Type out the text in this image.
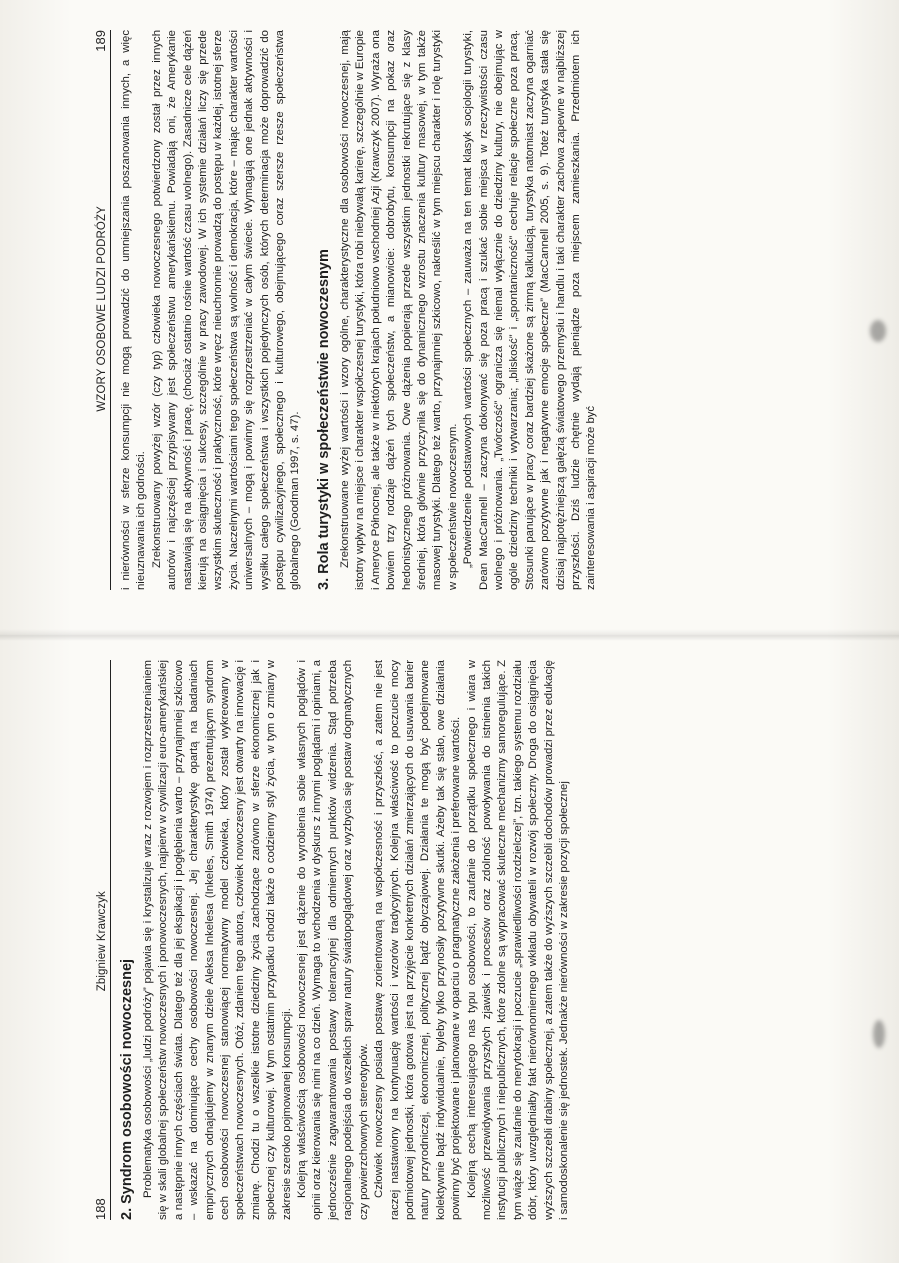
188
Zbigniew Krawczyk
2. Syndrom osobowości nowoczesnej Problematyka osobowości „ludzi podróży” pojawia się i krystalizuje wraz z rozwojem i rozprzestrzenianiem się w skali globalnej społeczeństw nowoczesnych i ponowoczesnych, najpierw w cywilizacji euro-amerykańskiej a następnie innych częściach świata. Dlatego też dla jej ekspikacji i pogłębienia warto – przynajmniej szkicowo – wskazać na dominujące cechy osobowości nowoczesnej. Jej charakterystykę opartą na badaniach empirycznych odnajdujemy w znanym dziele Aleksa Inkelesa (Inkeles, Smith 1974) prezentującym syndrom cech osobowości nowoczesnej stanowiącej normatywny model człowieka, który został wykreowany w społeczeństwach nowoczesnych. Otóż, zdaniem tego autora, człowiek nowoczesny jest otwarty na innowację i zmianę. Chodzi tu o wszelkie istotne dziedziny życia zachodzące zarówno w sferze ekonomicznej jak i społecznej czy kulturowej. W tym ostatnim przypadku chodzi także o codzienny styl życia, w tym o zmiany w zakresie szeroko pojmowanej konsumpcji. Kolejną właściwością osobowości nowoczesnej jest dążenie do wyrobienia sobie własnych poglądów i opinii oraz kierowania się nimi na co dzień. Wymaga to wchodzenia w dyskurs z innymi poglądami i opiniami, a jednocześnie zagwarantowania postawy tolerancyjnej dla odmiennych punktów widzenia. Stąd potrzeba racjonalnego podejścia do wszelkich spraw natury światopoglądowej oraz wyzbycia się postaw dogmatycznych czy powierzchownych stereotypów. Człowiek nowoczesny posiada postawę zorientowaną na współczesność i przyszłość, a zatem nie jest raczej nastawiony na kontynuację wartości i wzorów tradycyjnych. Kolejna właściwość to poczucie mocy podmiotowej jednostki, która gotowa jest na przyjęcie konkretnych działań zmierzających do usuwania barier natury przyrodniczej, ekonomicznej, politycznej bądź obyczajowej. Działania te mogą być podejmowane kolektywnie bądź indywidualnie, byleby tylko przynosiły pozytywne skutki. Ażeby tak się stało, owe działania powinny być projektowane i planowane w oparciu o pragmatyczne założenia i preferowane wartości. Kolejną cechą interesującego nas typu osobowości, to zaufanie do porządku społecznego i wiara w możliwość przewidywania przyszłych zjawisk i procesów oraz zdolność powoływania do istnienia takich instytucji publicznych i niepublicznych, które zdolne są wypracować skuteczne mechanizmy samoregulujące. Z tym wiąże się zaufanie do merytokracji i poczucie „sprawiedliwości rozdzielczej”, tzn. takiego systemu rozdziału dóbr, który uwzględniałby fakt nierównomiernego wkładu obywateli w rozwój społeczny. Droga do osiągnięcia wyższych szczebli drabiny społecznej, a zatem także do wyższych szczebli dochodów prowadzi przez edukację i samodoskonalenie się jednostek. Jednakże nierówności w zakresie pozycji społecznej

WZORY OSOBOWE LUDZI PODRÓŻY
189 i nierówności w sferze konsumpcji nie mogą prowadzić do umniejszania poszanowania innych, a więc nieuznawania ich godności. Zrekonstruowany powyżej wzór (czy typ) człowieka nowoczesnego potwierdzony został przez innych autorów i najczęściej przypisywany jest społeczeństwu amerykańskiemu. Powiadają oni, że Amerykanie nastawiają się na aktywność i pracę, (chociaż ostatnio rośnie wartość czasu wolnego). Zasadnicze cele dążeń kierują na osiągnięcia i sukcesy, szczególnie w pracy zawodowej. W ich systemie działań liczy się przede wszystkim skuteczność i praktyczność, które wręcz nieuchronnie prowadzą do postępu w każdej, istotnej sferze życia. Naczelnymi wartościami tego społeczeństwa są wolność i demokracja, które – mając charakter wartości uniwersalnych – mogą i powinny się rozprzestrzeniać w całym świecie. Wymagają one jednak aktywności i wysiłku całego społeczeństwa i wszystkich pojedynczych osób, których determinacja może doprowadzić do postępu cywilizacyjnego, społecznego i kulturowego, obejmującego coraz szersze rzesze społeczeństwa globalnego (Goodman 1997, s. 47). 3. Rola turystyki w społeczeństwie nowoczesnym Zrekonstruowane wyżej wartości i wzory ogólne, charakterystyczne dla osobowości nowoczesnej, mają istotny wpływ na miejsce i charakter współczesnej turystyki, która robi niebywałą karierę, szczególnie w Europie i Ameryce Północnej, ale także w niektórych krajach południowo wschodniej Azji (Krawczyk 2007). Wyraża ona bowiem trzy rodzaje dążeń tych społeczeństw, a mianowicie: dobrobytu, konsumpcji na pokaz oraz hedonistycznego próżnowania. Owe dążenia popierają przede wszystkim jednostki rekrutujące się z klasy średniej, która głównie przyczyniła się do dynamicznego wzrostu znaczenia kultury masowej, w tym także masowej turystyki. Dlatego też warto, przynajmniej szkicowo, nakreślić w tym miejscu charakter i rolę turystyki w społeczeństwie nowoczesnym. „Potwierdzenie podstawowych wartości społecznych – zauważa na ten temat klasyk socjologii turystyki, Dean MacCannell – zaczyna dokonywać się poza pracą i szukać sobie miejsca w rzeczywistości czasu wolnego i próżnowania. „Twórczość” ogranicza się niemal wyłącznie do dziedziny kultury, nie obejmując w ogóle dziedziny techniki i wytwarzania; „bliskość” i „spontaniczność” cechuje relacje społeczne poza pracą. Stosunki panujące w pracy coraz bardziej skażone są zimną kalkulacją, turystyka natomiast zaczyna ogarniać zarówno pozytywne jak i negatywne emocje społeczne” (MacCannell 2005, s. 9). Toteż turystyka stała się dzisiaj najpotężniejszą gałęzią światowego przemysłu i handlu i taki charakter zachowa zapewne w najbliższej przyszłości. Dziś ludzie chętnie wydają pieniądze poza miejscem zamieszkania. Przedmiotem ich zainteresowania i aspiracji może być
